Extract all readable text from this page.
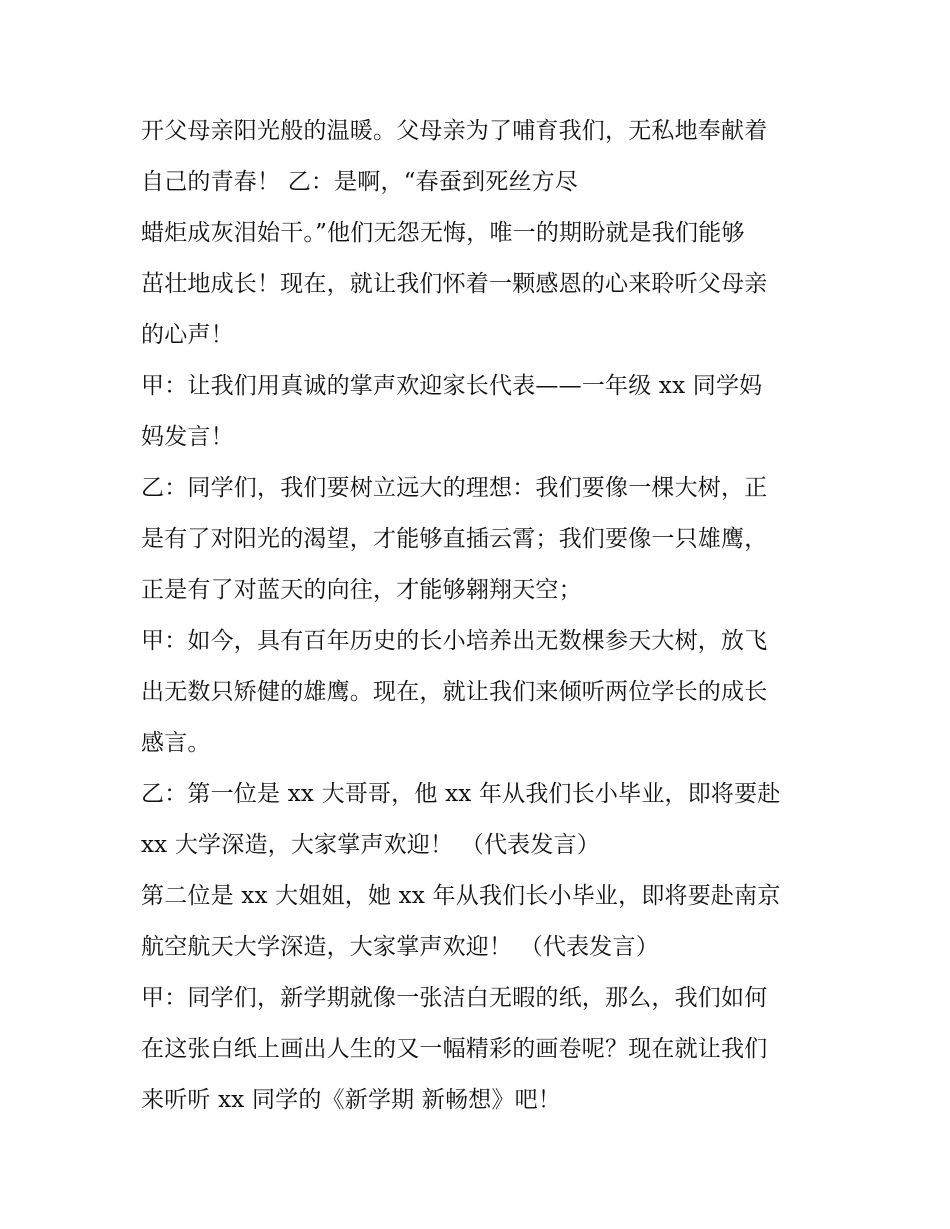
开父母亲阳光般的温暖。父母亲为了哺育我们，无私地奉献着
自己的青春！ 乙：是啊，“春蚕到死丝方尽
蜡炬成灰泪始干。”他们无怨无悔，唯一的期盼就是我们能够
茁壮地成长！现在，就让我们怀着一颗感恩的心来聆听父母亲
的心声！
甲：让我们用真诚的掌声欢迎家长代表——一年级 xx 同学妈
妈发言！
乙：同学们，我们要树立远大的理想：我们要像一棵大树，正
是有了对阳光的渴望，才能够直插云霄；我们要像一只雄鹰，
正是有了对蓝天的向往，才能够翱翔天空；
甲：如今，具有百年历史的长小培养出无数棵参天大树，放飞
出无数只矫健的雄鹰。现在，就让我们来倾听两位学长的成长
感言。
乙：第一位是 xx 大哥哥，他 xx 年从我们长小毕业，即将要赴
xx 大学深造，大家掌声欢迎！ （代表发言）
第二位是 xx 大姐姐，她 xx 年从我们长小毕业，即将要赴南京
航空航天大学深造，大家掌声欢迎！ （代表发言）
甲：同学们，新学期就像一张洁白无暇的纸，那么，我们如何
在这张白纸上画出人生的又一幅精彩的画卷呢？现在就让我们
来听听 xx 同学的《新学期 新畅想》吧！
